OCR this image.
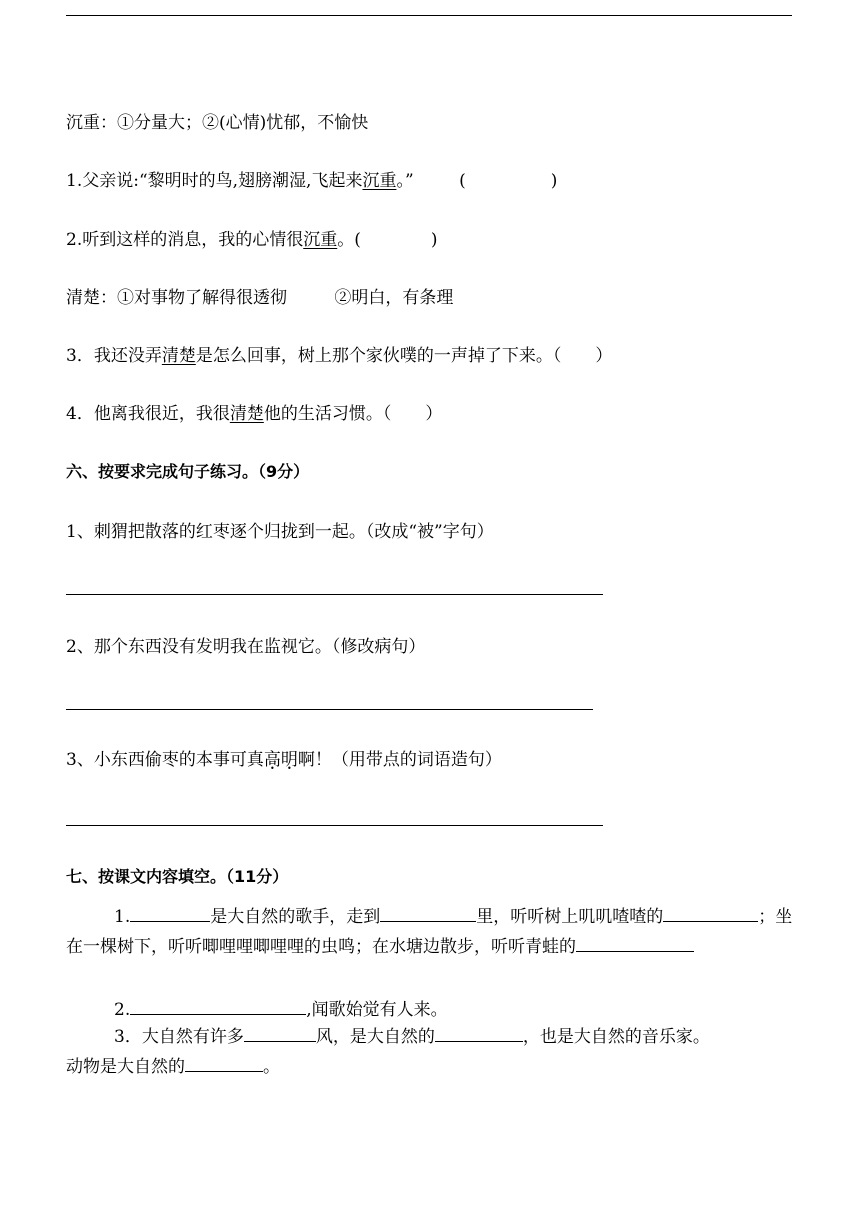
沉重：①分量大；②(心情)忧郁，不愉快
1.父亲说:“黎明时的鸟,翅膀潮湿,飞起来沉重。”	(　　　　　)
2.听到这样的消息，我的心情很沉重。(	)
清楚：①对事物了解得很透彻	②明白，有条理
3．我还没弄清楚是怎么回事，树上那个家伙噗的一声掉了下来。（　　）
4．他离我很近，我很清楚他的生活习惯。（　　）
六、按要求完成句子练习。（9分）
1、刺猬把散落的红枣逐个归拢到一起。（改成“被”字句）
2、那个东西没有发明我在监视它。（修改病句）
3、小东西偷枣的本事可真高明啊！（用带点的词语造句）
七、按课文内容填空。（11分）
1.	是大自然的歌手，走到	里，听听树上叽叽喳喳的	；坐在一棵树下，听听唧哩哩唧哩哩的虫鸣；在水塘边散步，听听青蛙的
2.	,闻歌始觉有人来。
3．大自然有许多	风，是大自然的	，也是大自然的音乐家。
动物是大自然的	。
